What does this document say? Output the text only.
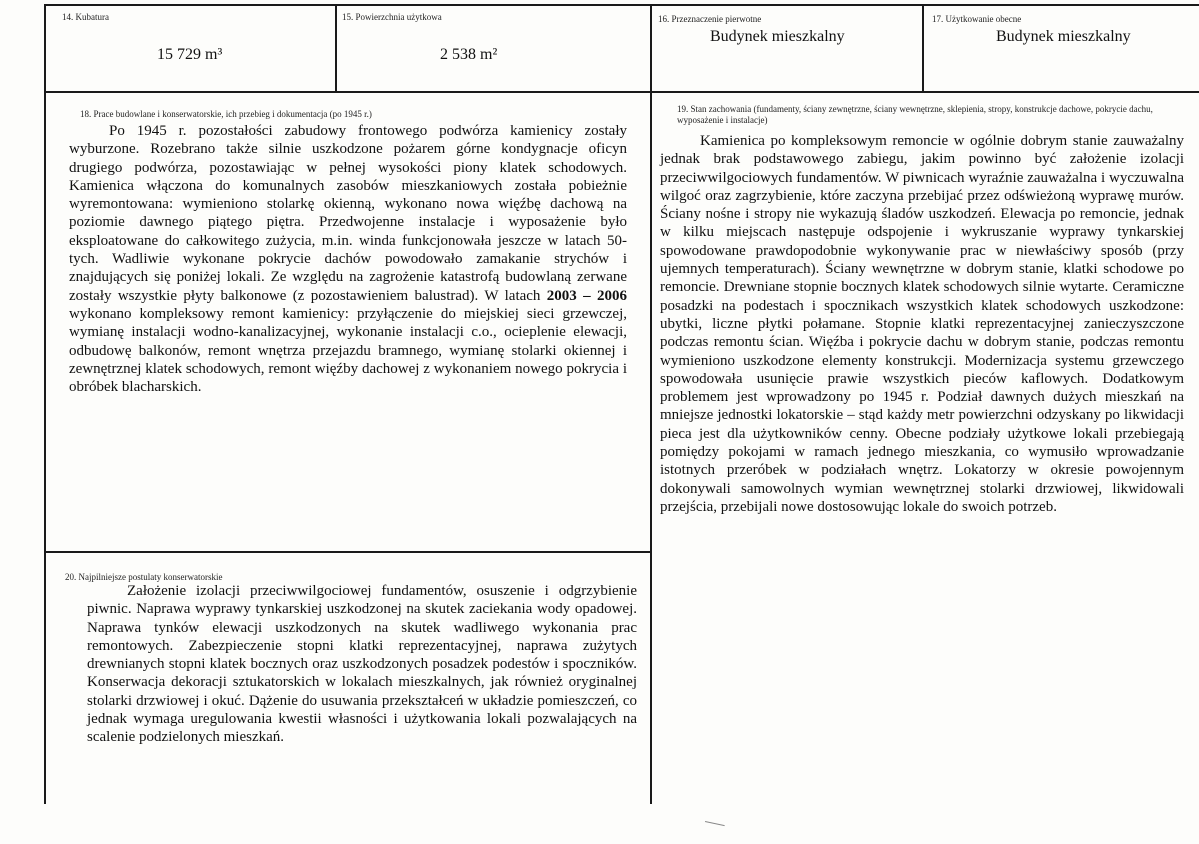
14. Kubatura
15 729 m³
15. Powierzchnia użytkowa
2 538 m²
16. Przeznaczenie pierwotne
Budynek mieszkalny
17. Użytkowanie obecne
Budynek mieszkalny
18. Prace budowlane i konserwatorskie, ich przebieg i dokumentacja (po 1945 r.)
Po 1945 r. pozostałości zabudowy frontowego podwórza kamienicy zostały wyburzone. Rozebrano także silnie uszkodzone pożarem górne kondygnacje oficyn drugiego podwórza, pozostawiając w pełnej wysokości piony klatek schodowych. Kamienica włączona do komunalnych zasobów mieszkaniowych została pobieżnie wyremontowana: wymieniono stolarkę okienną, wykonano nowa więźbę dachową na poziomie dawnego piątego piętra. Przedwojenne instalacje i wyposażenie było eksploatowane do całkowitego zużycia, m.in. winda funkcjonowała jeszcze w latach 50-tych. Wadliwie wykonane pokrycie dachów powodowało zamakanie strychów i znajdujących się poniżej lokali. Ze względu na zagrożenie katastrofą budowlaną zerwane zostały wszystkie płyty balkonowe (z pozostawieniem balustrad). W latach 2003 – 2006 wykonano kompleksowy remont kamienicy: przyłączenie do miejskiej sieci grzewczej, wymianę instalacji wodno-kanalizacyjnej, wykonanie instalacji c.o., ocieplenie elewacji, odbudowę balkonów, remont wnętrza przejazdu bramnego, wymianę stolarki okiennej i zewnętrznej klatek schodowych, remont więźby dachowej z wykonaniem nowego pokrycia i obróbek blacharskich.
19. Stan zachowania (fundamenty, ściany zewnętrzne, ściany wewnętrzne, sklepienia, stropy, konstrukcje dachowe, pokrycie dachu, wyposażenie i instalacje)
Kamienica po kompleksowym remoncie w ogólnie dobrym stanie zauważalny jednak brak podstawowego zabiegu, jakim powinno być założenie izolacji przeciwwilgociowych fundamentów. W piwnicach wyraźnie zauważalna i wyczuwalna wilgoć oraz zagrzybienie, które zaczyna przebijać przez odświeżoną wyprawę murów. Ściany nośne i stropy nie wykazują śladów uszkodzeń. Elewacja po remoncie, jednak w kilku miejscach następuje odspojenie i wykruszanie wyprawy tynkarskiej spowodowane prawdopodobnie wykonywanie prac w niewłaściwy sposób (przy ujemnych temperaturach). Ściany wewnętrzne w dobrym stanie, klatki schodowe po remoncie. Drewniane stopnie bocznych klatek schodowych silnie wytarte. Ceramiczne posadzki na podestach i spocznikach wszystkich klatek schodowych uszkodzone: ubytki, liczne płytki połamane. Stopnie klatki reprezentacyjnej zanieczyszczone podczas remontu ścian. Więźba i pokrycie dachu w dobrym stanie, podczas remontu wymieniono uszkodzone elementy konstrukcji. Modernizacja systemu grzewczego spowodowała usunięcie prawie wszystkich pieców kaflowych. Dodatkowym problemem jest wprowadzony po 1945 r. Podział dawnych dużych mieszkań na mniejsze jednostki lokatorskie – stąd każdy metr powierzchni odzyskany po likwidacji pieca jest dla użytkowników cenny. Obecne podziały użytkowe lokali przebiegają pomiędzy pokojami w ramach jednego mieszkania, co wymusiło wprowadzanie istotnych przeróbek w podziałach wnętrz. Lokatorzy w okresie powojennym dokonywali samowolnych wymian wewnętrznej stolarki drzwiowej, likwidowali przejścia, przebijali nowe dostosowując lokale do swoich potrzeb.
20. Najpilniejsze postulaty konserwatorskie
Założenie izolacji przeciwwilgociowej fundamentów, osuszenie i odgrzybienie piwnic. Naprawa wyprawy tynkarskiej uszkodzonej na skutek zaciekania wody opadowej. Naprawa tynków elewacji uszkodzonych na skutek wadliwego wykonania prac remontowych. Zabezpieczenie stopni klatki reprezentacyjnej, naprawa zużytych drewnianych stopni klatek bocznych oraz uszkodzonych posadzek podestów i spoczników. Konserwacja dekoracji sztukatorskich w lokalach mieszkalnych, jak również oryginalnej stolarki drzwiowej i okuć. Dążenie do usuwania przekształceń w układzie pomieszczeń, co jednak wymaga uregulowania kwestii własności i użytkowania lokali pozwalających na scalenie podzielonych mieszkań.
